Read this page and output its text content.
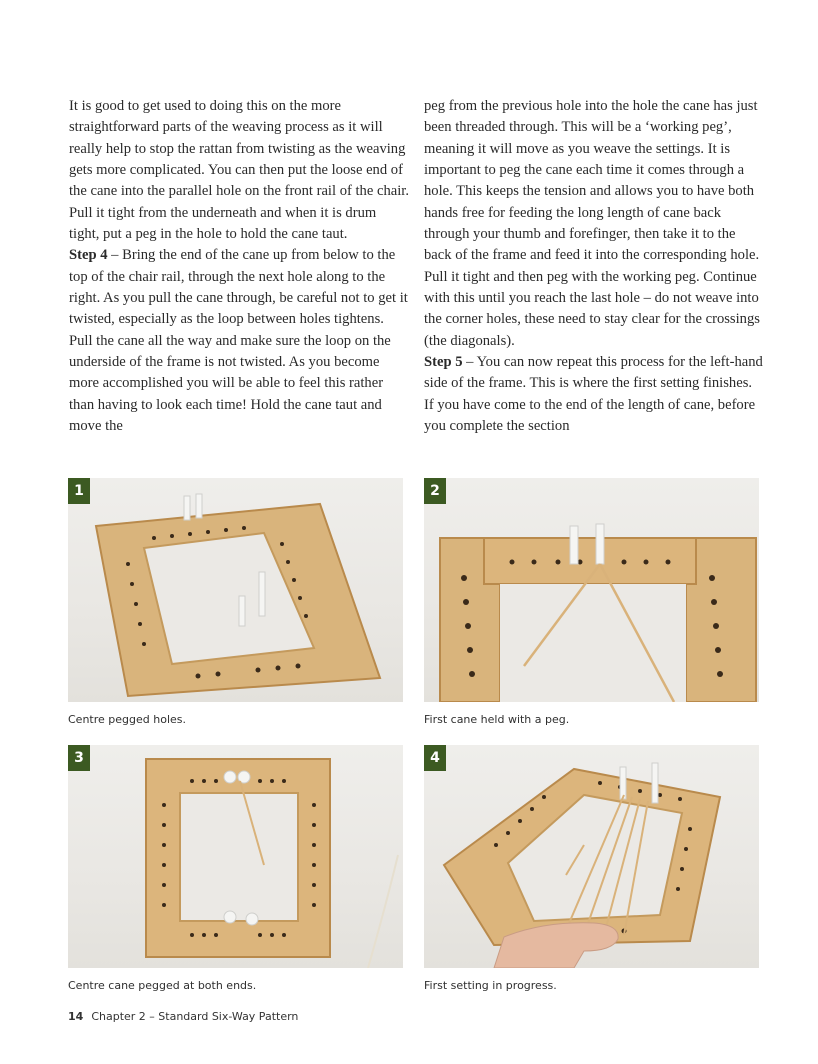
It is good to get used to doing this on the more straightforward parts of the weaving process as it will really help to stop the rattan from twisting as the weaving gets more complicated. You can then put the loose end of the cane into the parallel hole on the front rail of the chair. Pull it tight from the underneath and when it is drum tight, put a peg in the hole to hold the cane taut.

Step 4 – Bring the end of the cane up from below to the top of the chair rail, through the next hole along to the right. As you pull the cane through, be careful not to get it twisted, especially as the loop between holes tightens. Pull the cane all the way and make sure the loop on the underside of the frame is not twisted. As you become more accomplished you will be able to feel this rather than having to look each time! Hold the cane taut and move the

peg from the previous hole into the hole the cane has just been threaded through. This will be a ‘working peg’, meaning it will move as you weave the settings. It is important to peg the cane each time it comes through a hole. This keeps the tension and allows you to have both hands free for feeding the long length of cane back through your thumb and forefinger, then take it to the back of the frame and feed it into the corresponding hole. Pull it tight and then peg with the working peg. Continue with this until you reach the last hole – do not weave into the corner holes, these need to stay clear for the crossings (the diagonals).

Step 5 – You can now repeat this process for the left-hand side of the frame. This is where the first setting finishes. If you have come to the end of the length of cane, before you complete the section

1
Centre pegged holes.
2
First cane held with a peg.
3
Centre cane pegged at both ends.
4
First setting in progress.
14 Chapter 2 – Standard Six-Way Pattern
